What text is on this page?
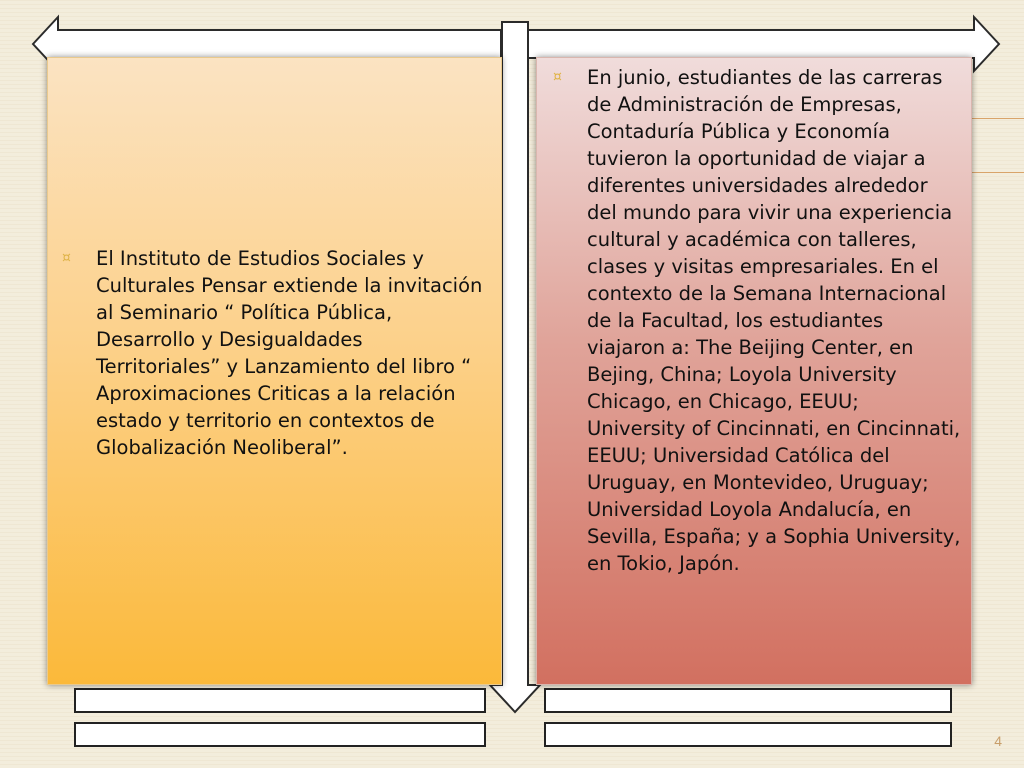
¤	El Instituto de Estudios Sociales y Culturales Pensar extiende la invitación al Seminario “ Política Pública, Desarrollo y Desigualdades Territoriales” y Lanzamiento del libro “ Aproximaciones Criticas a la relación estado y territorio en contextos de Globalización Neoliberal”.
¤	En junio, estudiantes de las carreras de Administración de Empresas, Contaduría Pública y Economía tuvieron la oportunidad de viajar a diferentes universidades alrededor del mundo para vivir una experiencia cultural y académica con talleres, clases y visitas empresariales. En el contexto de la Semana Internacional de la Facultad, los estudiantes viajaron a: The Beijing Center, en Bejing, China; Loyola University Chicago, en Chicago, EEUU; University of Cincinnati, en Cincinnati, EEUU; Universidad Católica del Uruguay, en Montevideo, Uruguay; Universidad Loyola Andalucía, en Sevilla, España; y a Sophia University, en Tokio, Japón.
4
